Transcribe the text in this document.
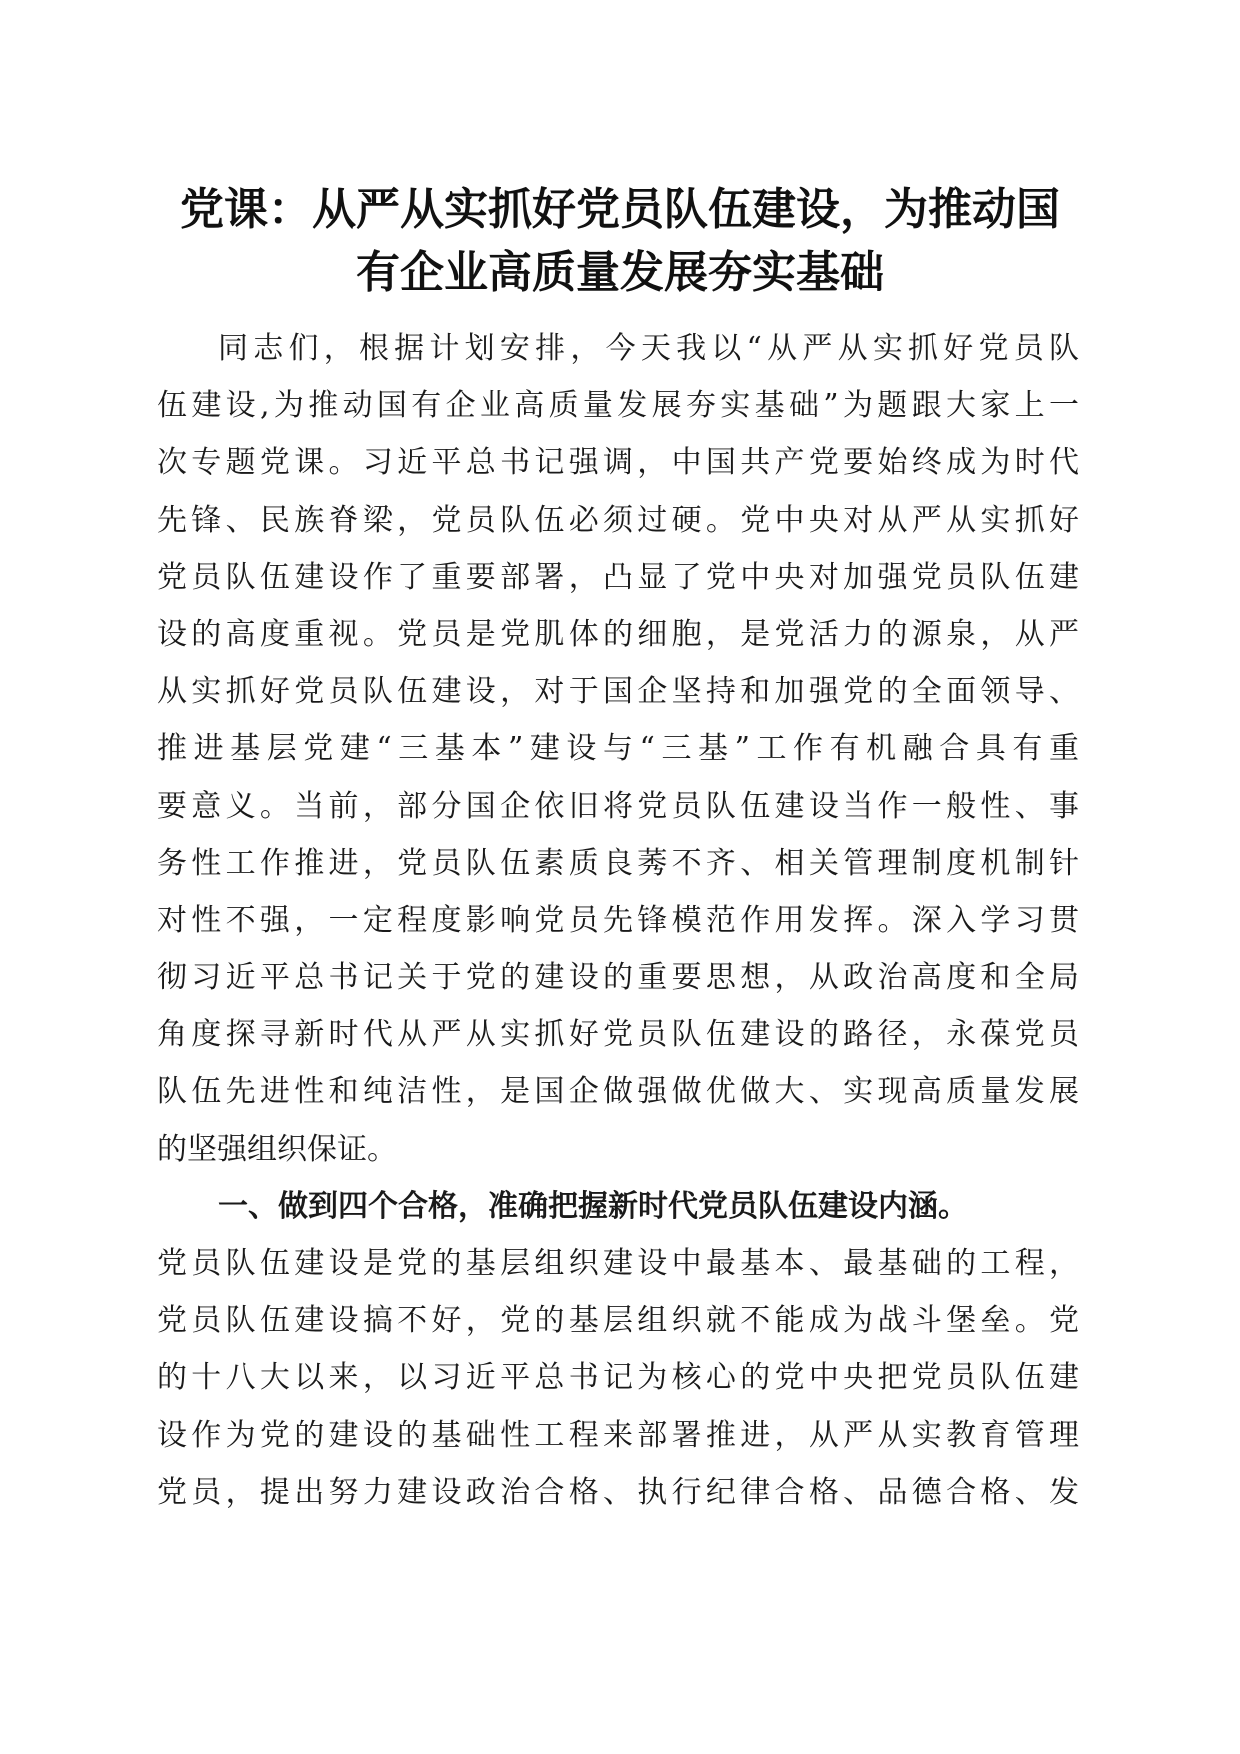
党课：从严从实抓好党员队伍建设，为推动国
有企业高质量发展夯实基础
同志们，根据计划安排，今天我以“从严从实抓好党员队
伍建设,为推动国有企业高质量发展夯实基础”为题跟大家上一
次专题党课。习近平总书记强调，中国共产党要始终成为时代
先锋、民族脊梁，党员队伍必须过硬。党中央对从严从实抓好
党员队伍建设作了重要部署，凸显了党中央对加强党员队伍建
设的高度重视。党员是党肌体的细胞，是党活力的源泉，从严
从实抓好党员队伍建设，对于国企坚持和加强党的全面领导、
推进基层党建“三基本”建设与“三基”工作有机融合具有重
要意义。当前，部分国企依旧将党员队伍建设当作一般性、事
务性工作推进，党员队伍素质良莠不齐、相关管理制度机制针
对性不强，一定程度影响党员先锋模范作用发挥。深入学习贯
彻习近平总书记关于党的建设的重要思想，从政治高度和全局
角度探寻新时代从严从实抓好党员队伍建设的路径，永葆党员
队伍先进性和纯洁性，是国企做强做优做大、实现高质量发展
的坚强组织保证。
一、做到四个合格，准确把握新时代党员队伍建设内涵。
党员队伍建设是党的基层组织建设中最基本、最基础的工程，
党员队伍建设搞不好，党的基层组织就不能成为战斗堡垒。党
的十八大以来，以习近平总书记为核心的党中央把党员队伍建
设作为党的建设的基础性工程来部署推进，从严从实教育管理
党员，提出努力建设政治合格、执行纪律合格、品德合格、发
